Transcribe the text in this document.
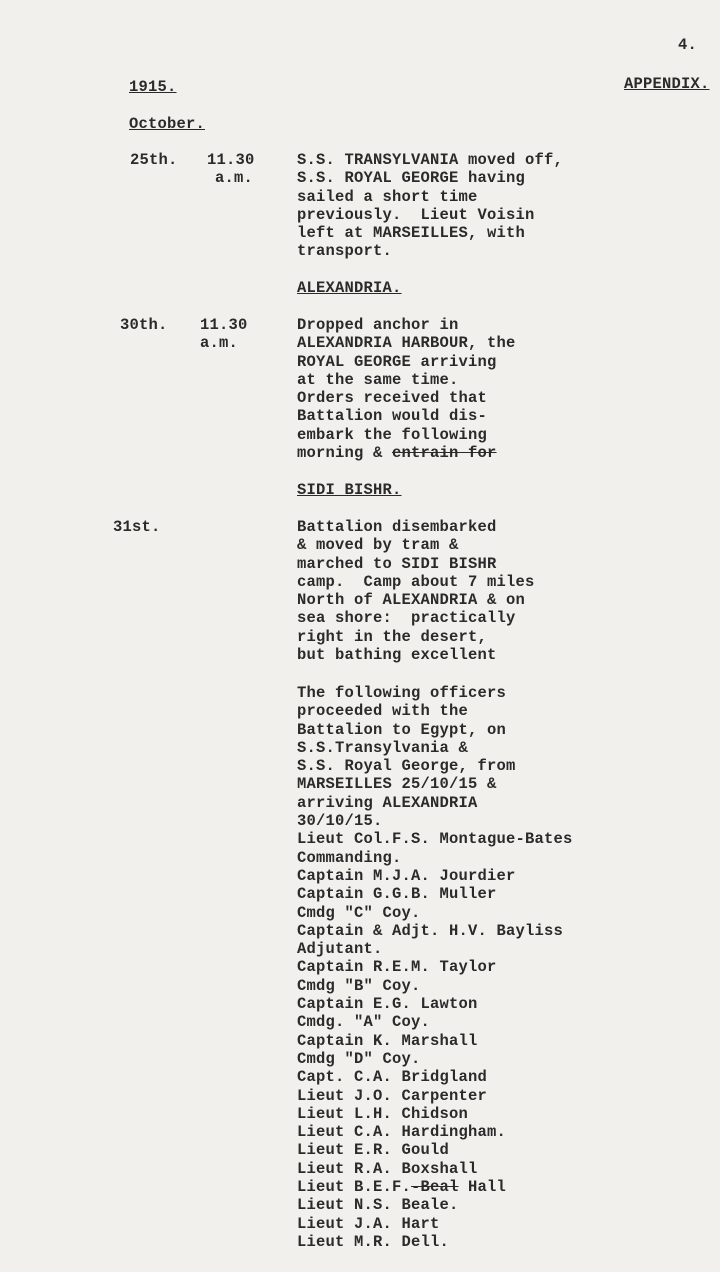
4.
1915.	APPENDIX.
October.
25th. 11.30
a.m.
S.S. TRANSYLVANIA moved off,
S.S. ROYAL GEORGE having
sailed a short time
previously.  Lieut Voisin
left at MARSEILLES, with
transport.
ALEXANDRIA.
30th. 11.30
a.m.
Dropped anchor in
ALEXANDRIA HARBOUR, the
ROYAL GEORGE arriving
at the same time.
Orders received that
Battalion would dis-
embark the following
morning & entrain for
SIDI BISHR.
31st.	Battalion disembarked
& moved by tram &
marched to SIDI BISHR
camp.  Camp about 7 miles
North of ALEXANDRIA & on
sea shore:  practically
right in the desert,
but bathing excellent
The following officers
proceeded with the
Battalion to Egypt, on
S.S.Transylvania &
S.S. Royal George, from
MARSEILLES 25/10/15 &
arriving ALEXANDRIA
30/10/15.
Lieut Col.F.S. Montague-Bates
Commanding.
Captain M.J.A. Jourdier
Captain G.G.B. Muller
Cmdg "C" Coy.
Captain & Adjt. H.V. Bayliss
Adjutant.
Captain R.E.M. Taylor
Cmdg "B" Coy.
Captain E.G. Lawton
Cmdg. "A" Coy.
Captain K. Marshall
Cmdg "D" Coy.
Capt. C.A. Bridgland
Lieut J.O. Carpenter
Lieut L.H. Chidson
Lieut C.A. Hardingham.
Lieut E.R. Gould
Lieut R.A. Boxshall
Lieut B.E.F.-Beal Hall
Lieut N.S. Beale.
Lieut J.A. Hart
Lieut M.R. Dell.
